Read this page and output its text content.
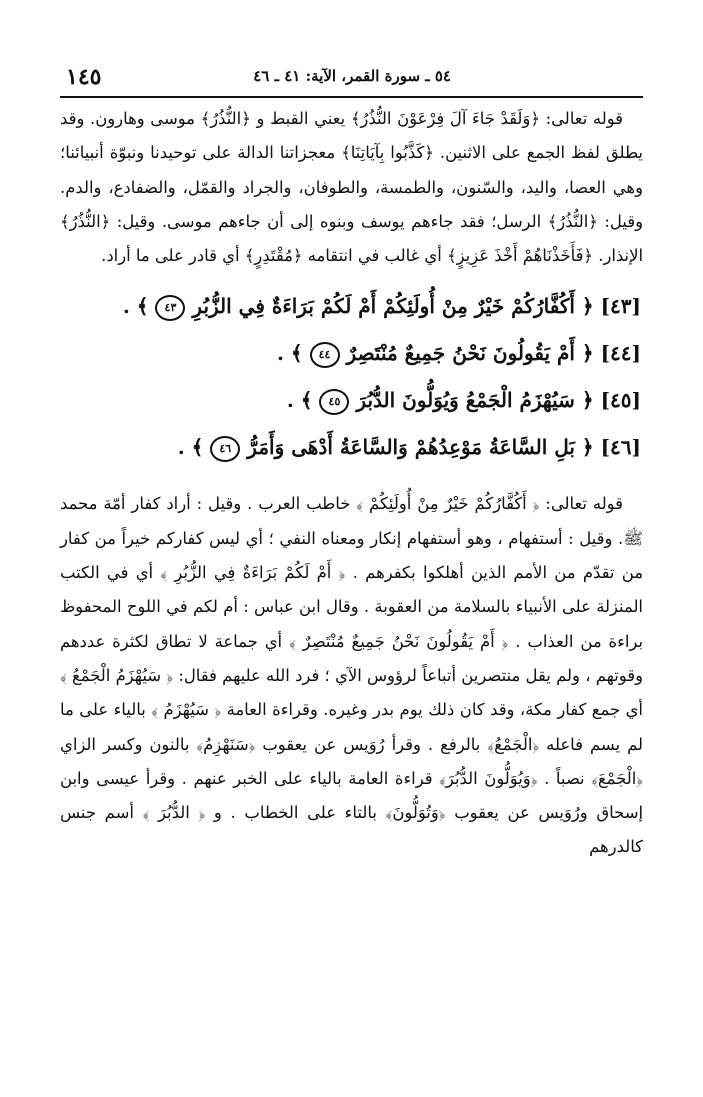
١٤٥	٥٤ ـ سورة القمر، الآية: ٤١ ـ ٤٦

قوله تعالى: ﴿وَلَقَدْ جَاءَ آلَ فِرْعَوْنَ النُّذُرُ﴾ يعني القبط و ﴿النُّذُرُ﴾ موسى وهارون. وقد يطلق لفظ الجمع على الاثنين. ﴿كَذَّبُوا بِآيَاتِنَا﴾ معجزاتنا الدالة على توحيدنا ونبوّة أنبيائنا؛ وهي العصا، واليد، والسّنون، والطمسة، والطوفان، والجراد والقمّل، والضفادع، والدم. وقيل: ﴿النُّذُرُ﴾ الرسل؛ فقد جاءهم يوسف وبنوه إلى أن جاءهم موسى. وقيل: ﴿النُّذُرُ﴾ الإنذار. ﴿فَأَخَذْنَاهُمْ أَخْذَ عَزِيزٍ﴾ أي غالب في انتقامه ﴿مُقْتَدِرٍ﴾ أي قادر على ما أراد.

[٤٣] ﴿ أَكُفَّارُكُمْ خَيْرٌ مِنْ أُولَئِكُمْ أَمْ لَكُمْ بَرَاءَةٌ فِي الزُّبُرِ ٤٣ ﴾ .
[٤٤] ﴿ أَمْ يَقُولُونَ نَحْنُ جَمِيعٌ مُنْتَصِرٌ ٤٤ ﴾ .
[٤٥] ﴿ سَيُهْزَمُ الْجَمْعُ وَيُوَلُّونَ الدُّبُرَ ٤٥ ﴾ .
[٤٦] ﴿ بَلِ السَّاعَةُ مَوْعِدُهُمْ وَالسَّاعَةُ أَدْهَى وَأَمَرُّ ٤٦ ﴾ .

قوله تعالى: ﴿ أَكُفَّارُكُمْ خَيْرٌ مِنْ أُولَئِكُمْ ﴾ خاطب العرب . وقيل : أراد كفار أمّة محمد ﷺ. وقيل : أستفهام ، وهو أستفهام إنكار ومعناه النفي ؛ أي ليس كفاركم خيراً من كفار من تقدّم من الأمم الذين أهلكوا بكفرهم . ﴿ أَمْ لَكُمْ بَرَاءَةٌ فِي الزُّبُرِ ﴾ أي في الكتب المنزلة على الأنبياء بالسلامة من العقوبة . وقال ابن عباس : أم لكم في اللوح المحفوظ براءة من العذاب . ﴿ أَمْ يَقُولُونَ نَحْنُ جَمِيعٌ مُنْتَصِرٌ ﴾ أي جماعة لا تطاق لكثرة عددهم وقوتهم ، ولم يقل منتصرين أتباعاً لرؤوس الآي ؛ فرد الله عليهم فقال: ﴿ سَيُهْزَمُ الْجَمْعُ ﴾ أي جمع كفار مكة، وقد كان ذلك يوم بدر وغيره. وقراءة العامة ﴿ سَيُهْزَمُ ﴾ بالياء على ما لم يسم فاعله ﴿الْجَمْعُ﴾ بالرفع . وقرأ رُوَيس عن يعقوب ﴿سَنَهْزِمُ﴾ بالنون وكسر الزاي ﴿الْجَمْعَ﴾ نصباً . ﴿وَيُوَلُّونَ الدُّبُرَ﴾ قراءة العامة بالياء على الخبر عنهم . وقرأ عيسى وابن إسحاق ورُوَيس عن يعقوب ﴿وَتُوَلُّونَ﴾ بالتاء على الخطاب . و ﴿ الدُّبُرَ ﴾ أسم جنس كالدرهم
